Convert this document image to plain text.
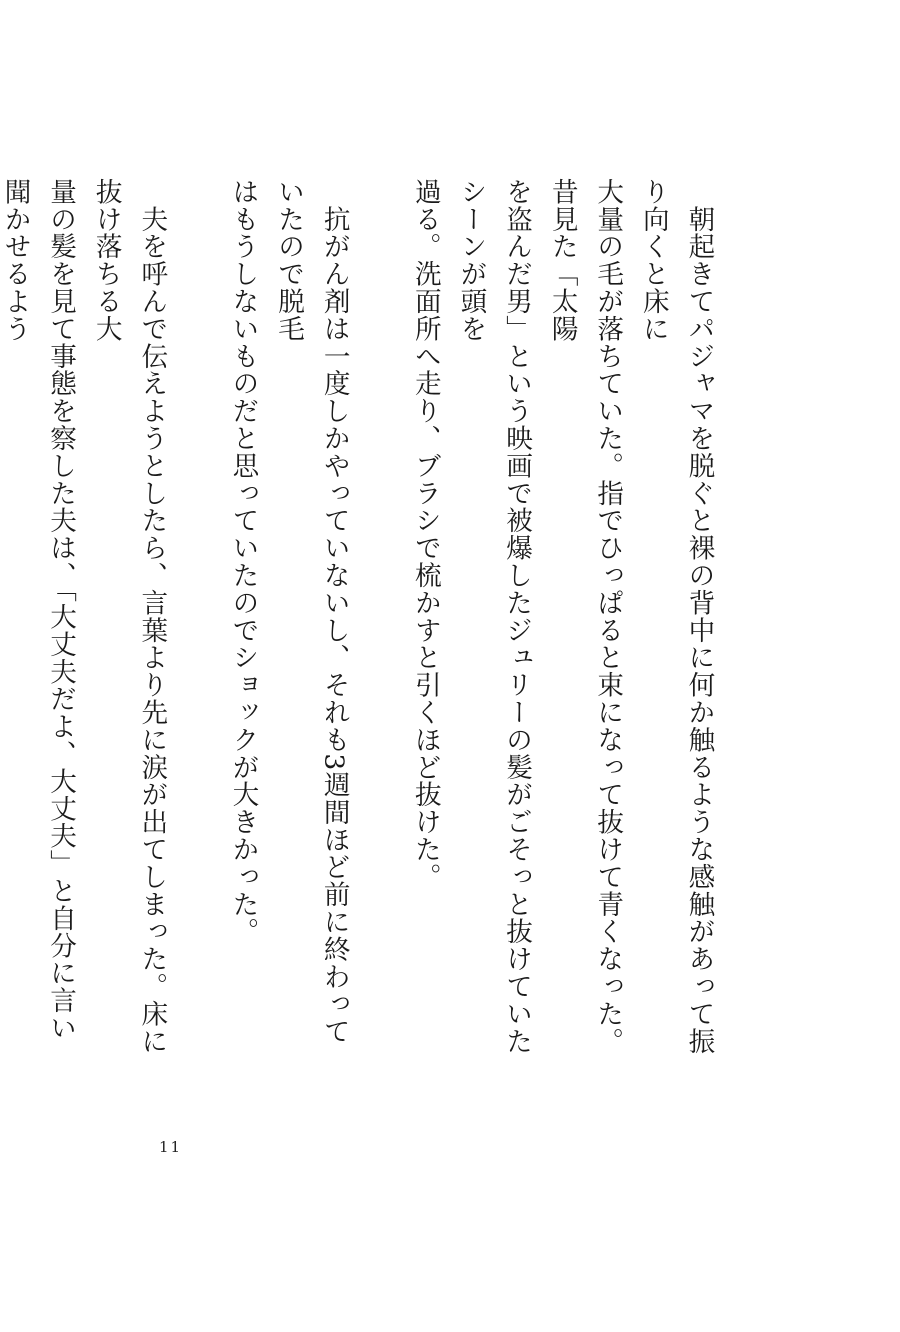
　朝起きてパジャマを脱ぐと裸の背中に何か触るような感触があって振り向くと床に
大量の毛が落ちていた。指でひっぱると束になって抜けて青くなった。昔見た「太陽
を盗んだ男」という映画で被爆したジュリーの髪がごそっと抜けていたシーンが頭を
過る。洗面所へ走り、ブラシで梳かすと引くほど抜けた。

　抗がん剤は一度しかやっていないし、それも3週間ほど前に終わっていたので脱毛
はもうしないものだと思っていたのでショックが大きかった。

　夫を呼んで伝えようとしたら、言葉より先に涙が出てしまった。床に抜け落ちる大
量の髪を見て事態を察した夫は、「大丈夫だよ、大丈夫」と自分に言い聞かせるよう

11
